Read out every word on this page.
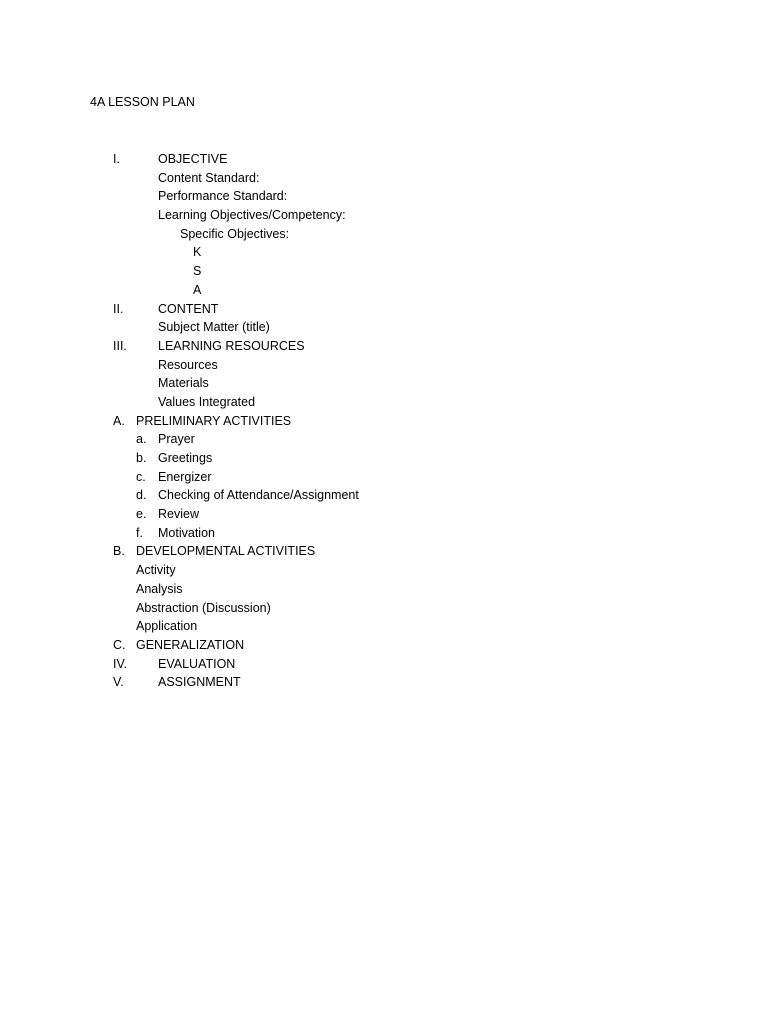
4A LESSON PLAN
I.	OBJECTIVE
Content Standard:
Performance Standard:
Learning Objectives/Competency:
Specific Objectives:
K
S
A
II.	CONTENT
Subject Matter (title)
III. LEARNING RESOURCES
Resources
Materials
Values Integrated
A. PRELIMINARY ACTIVITIES
a. Prayer
b. Greetings
c. Energizer
d. Checking of Attendance/Assignment
e. Review
f. Motivation
B. DEVELOPMENTAL ACTIVITIES
Activity
Analysis
Abstraction (Discussion)
Application
C. GENERALIZATION
IV. EVALUATION
V.	ASSIGNMENT
